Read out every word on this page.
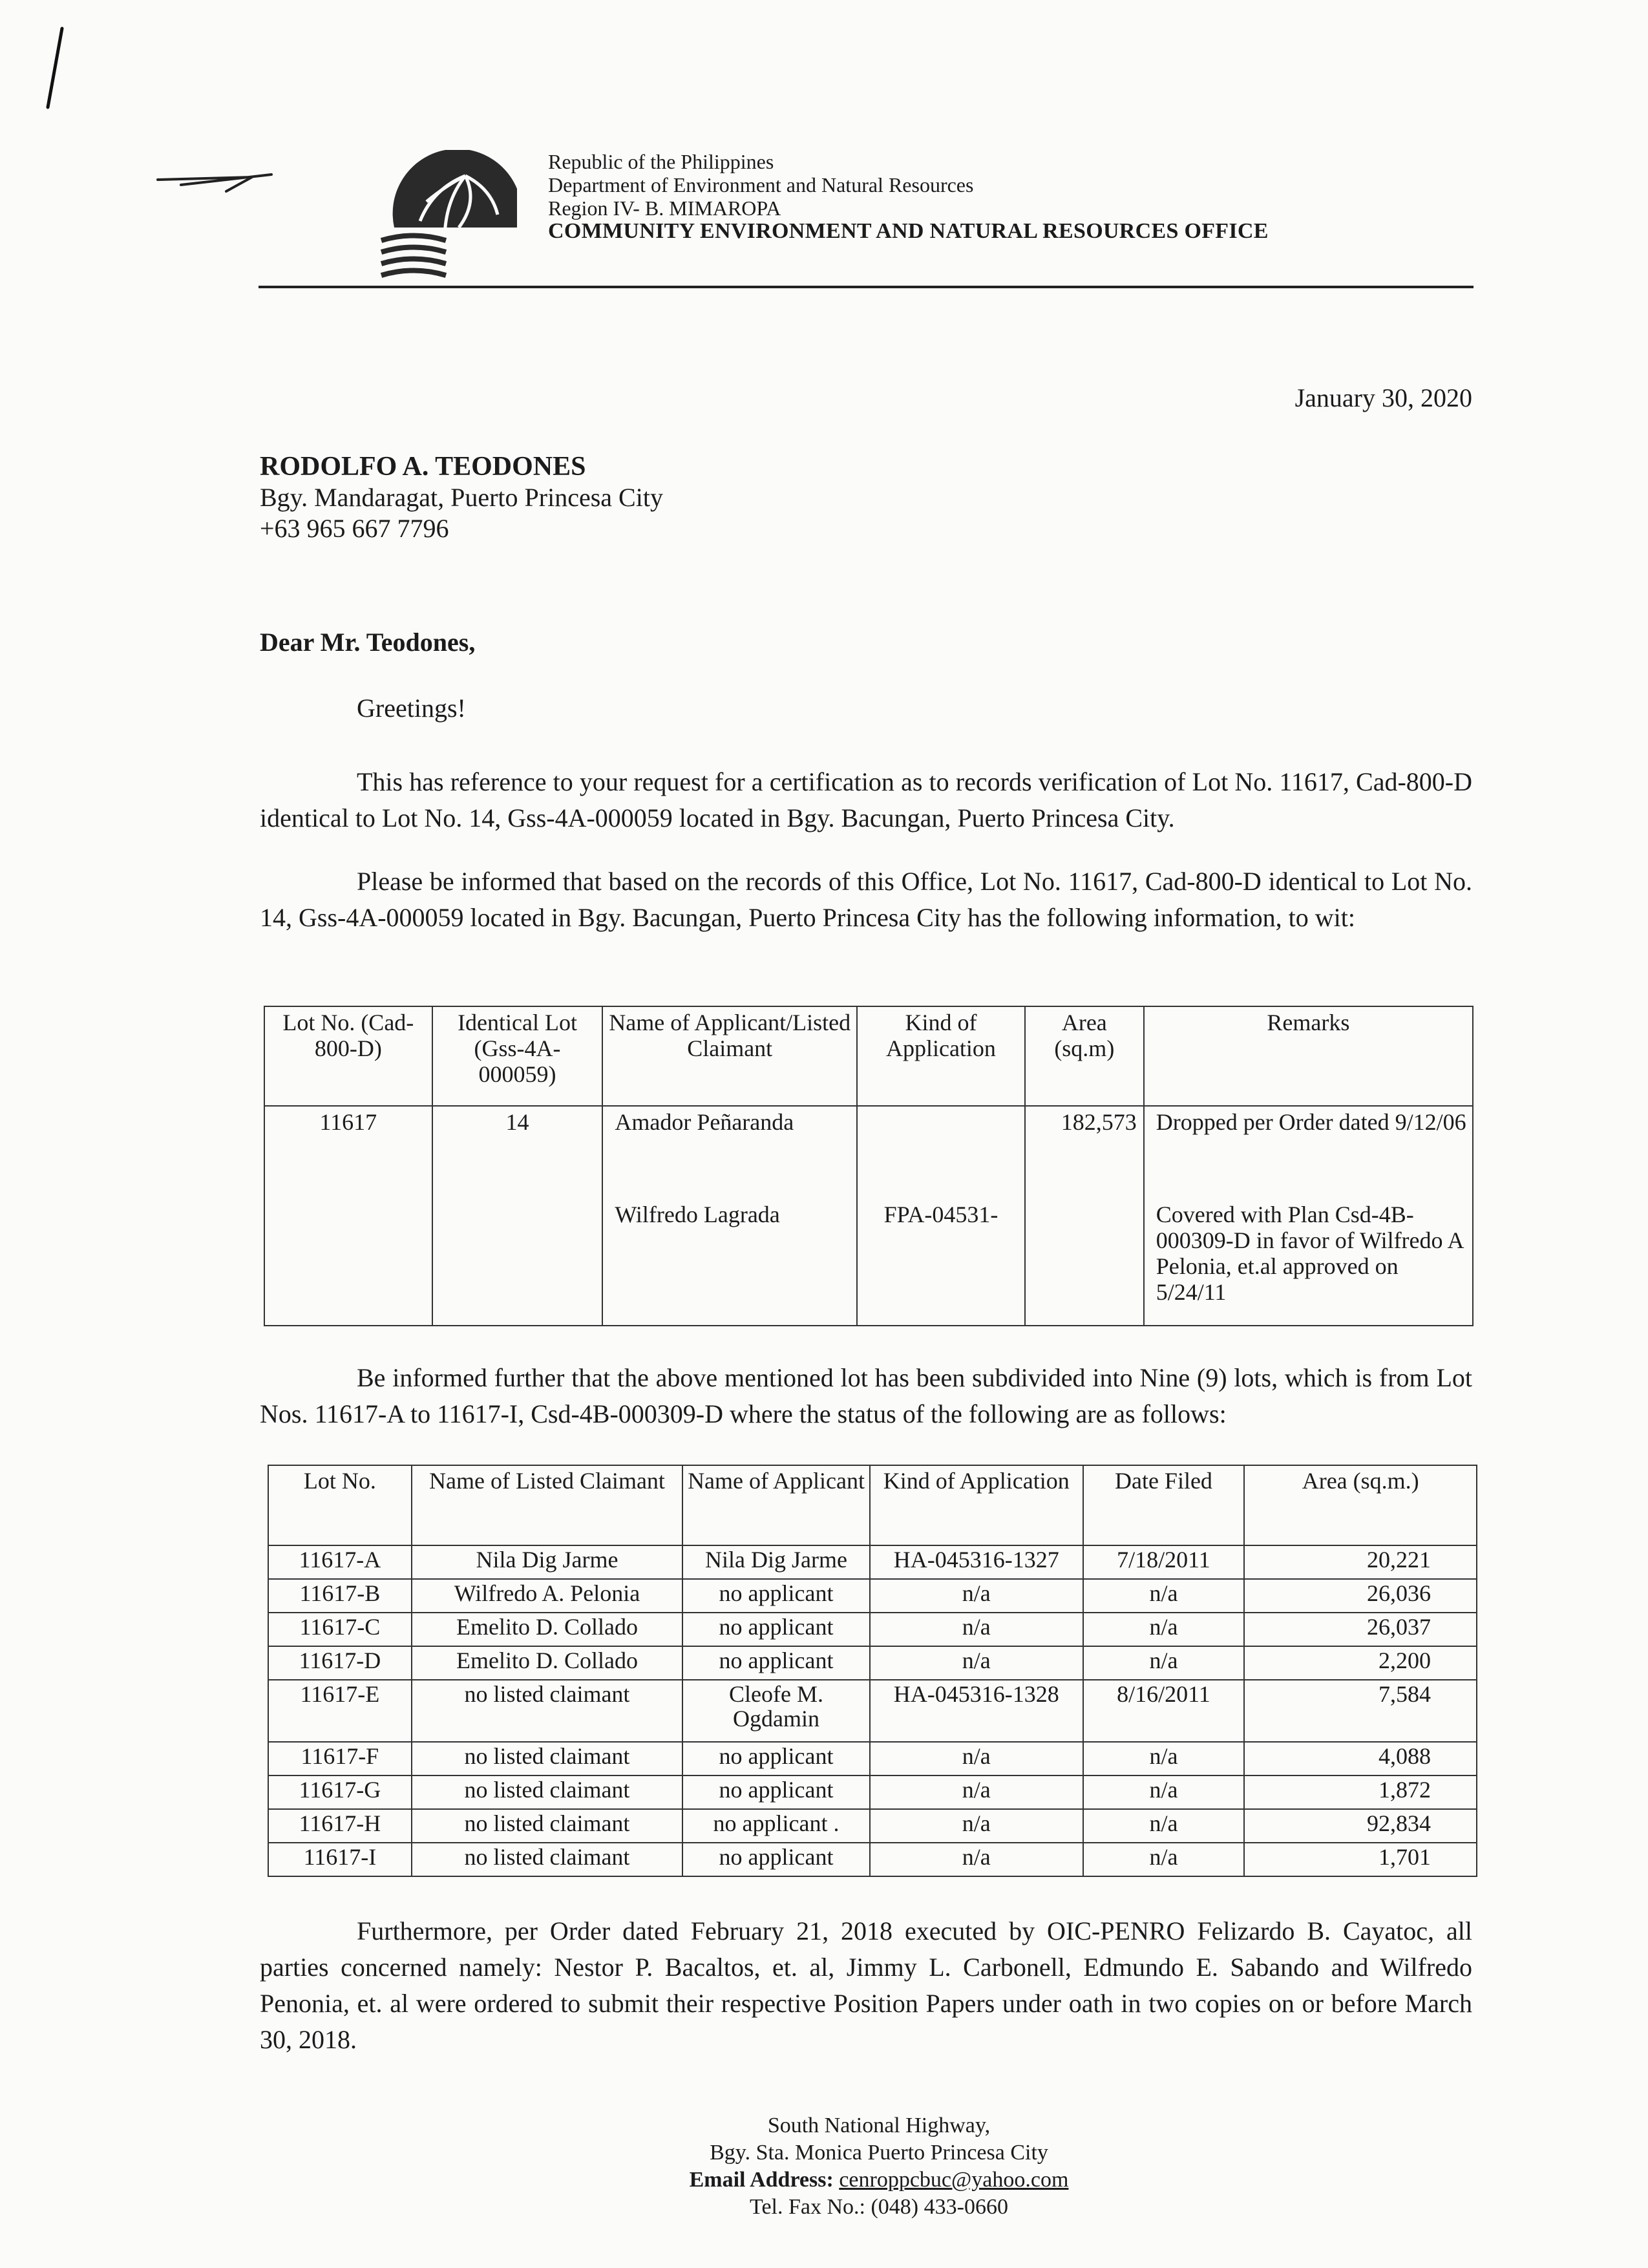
Republic of the Philippines
Department of Environment and Natural Resources
Region IV- B. MIMAROPA
COMMUNITY ENVIRONMENT AND NATURAL RESOURCES OFFICE
January 30, 2020
RODOLFO A. TEODONES
Bgy. Mandaragat, Puerto Princesa City
+63 965 667 7796
Dear Mr. Teodones,
Greetings!
This has reference to your request for a certification as to records verification of Lot No. 11617, Cad-800-D identical to Lot No. 14, Gss-4A-000059 located in Bgy. Bacungan, Puerto Princesa City.
Please be informed that based on the records of this Office, Lot No. 11617, Cad-800-D identical to Lot No. 14, Gss-4A-000059 located in Bgy. Bacungan, Puerto Princesa City has the following information, to wit:
Lot No. (Cad-800-D)	Identical Lot (Gss-4A-000059)	Name of Applicant/Listed Claimant	Kind of Application	Area (sq.m)	Remarks
11617	14	Amador Peñaranda		182,573	Dropped per Order dated 9/12/06
		Wilfredo Lagrada	FPA-04531-		Covered with Plan Csd-4B-000309-D in favor of Wilfredo A Pelonia, et.al approved on 5/24/11
Be informed further that the above mentioned lot has been subdivided into Nine (9) lots, which is from Lot Nos. 11617-A to 11617-I, Csd-4B-000309-D where the status of the following are as follows:
Lot No.	Name of Listed Claimant	Name of Applicant	Kind of Application	Date Filed	Area (sq.m.)
11617-A	Nila Dig Jarme	Nila Dig Jarme	HA-045316-1327	7/18/2011	20,221
11617-B	Wilfredo A. Pelonia	no applicant	n/a	n/a	26,036
11617-C	Emelito D. Collado	no applicant	n/a	n/a	26,037
11617-D	Emelito D. Collado	no applicant	n/a	n/a	2,200
11617-E	no listed claimant	Cleofe M. Ogdamin	HA-045316-1328	8/16/2011	7,584
11617-F	no listed claimant	no applicant	n/a	n/a	4,088
11617-G	no listed claimant	no applicant	n/a	n/a	1,872
11617-H	no listed claimant	no applicant .	n/a	n/a	92,834
11617-I	no listed claimant	no applicant	n/a	n/a	1,701
Furthermore, per Order dated February 21, 2018 executed by OIC-PENRO Felizardo B. Cayatoc, all parties concerned namely: Nestor P. Bacaltos, et. al, Jimmy L. Carbonell, Edmundo E. Sabando and Wilfredo Penonia, et. al were ordered to submit their respective Position Papers under oath in two copies on or before March 30, 2018.
South National Highway,
Bgy. Sta. Monica Puerto Princesa City
Email Address: cenroppcbuc@yahoo.com
Tel. Fax No.: (048) 433-0660
